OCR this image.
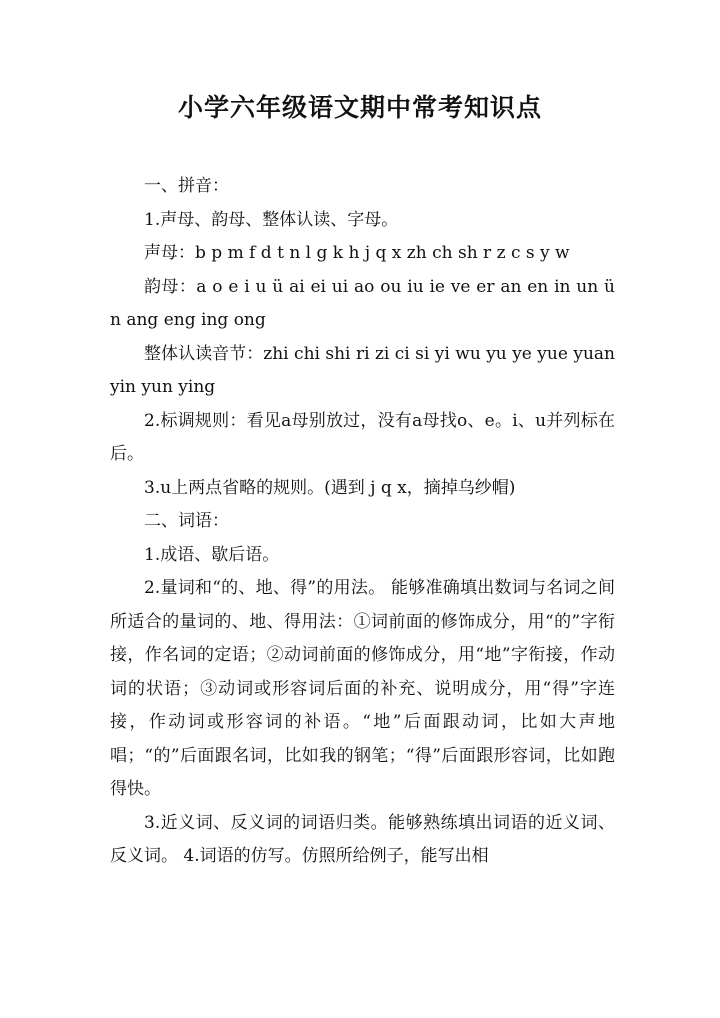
小学六年级语文期中常考知识点

一、拼音：

1.声母、韵母、整体认读、字母。

声母：b p m f d t n l g k h j q x zh ch sh r z c s y w

韵母：a o e i u ü ai ei ui ao ou iu ie ve er an en in un ün ang eng ing ong

整体认读音节：zhi chi shi ri zi ci si yi wu yu ye yue yuan yin yun ying

2.标调规则：看见a母别放过，没有a母找o、e。i、u并列标在后。

3.u上两点省略的规则。(遇到 j q x，摘掉乌纱帽)

二、词语：

1.成语、歇后语。

2.量词和“的、地、得”的用法。 能够准确填出数词与名词之间所适合的量词的、地、得用法：①词前面的修饰成分，用“的”字衔接，作名词的定语；②动词前面的修饰成分，用“地”字衔接，作动词的状语；③动词或形容词后面的补充、说明成分，用“得”字连接，作动词或形容词的补语。“地”后面跟动词，比如大声地唱；“的”后面跟名词，比如我的钢笔；“得”后面跟形容词，比如跑得快。

3.近义词、反义词的词语归类。能够熟练填出词语的近义词、反义词。 4.词语的仿写。仿照所给例子，能写出相
